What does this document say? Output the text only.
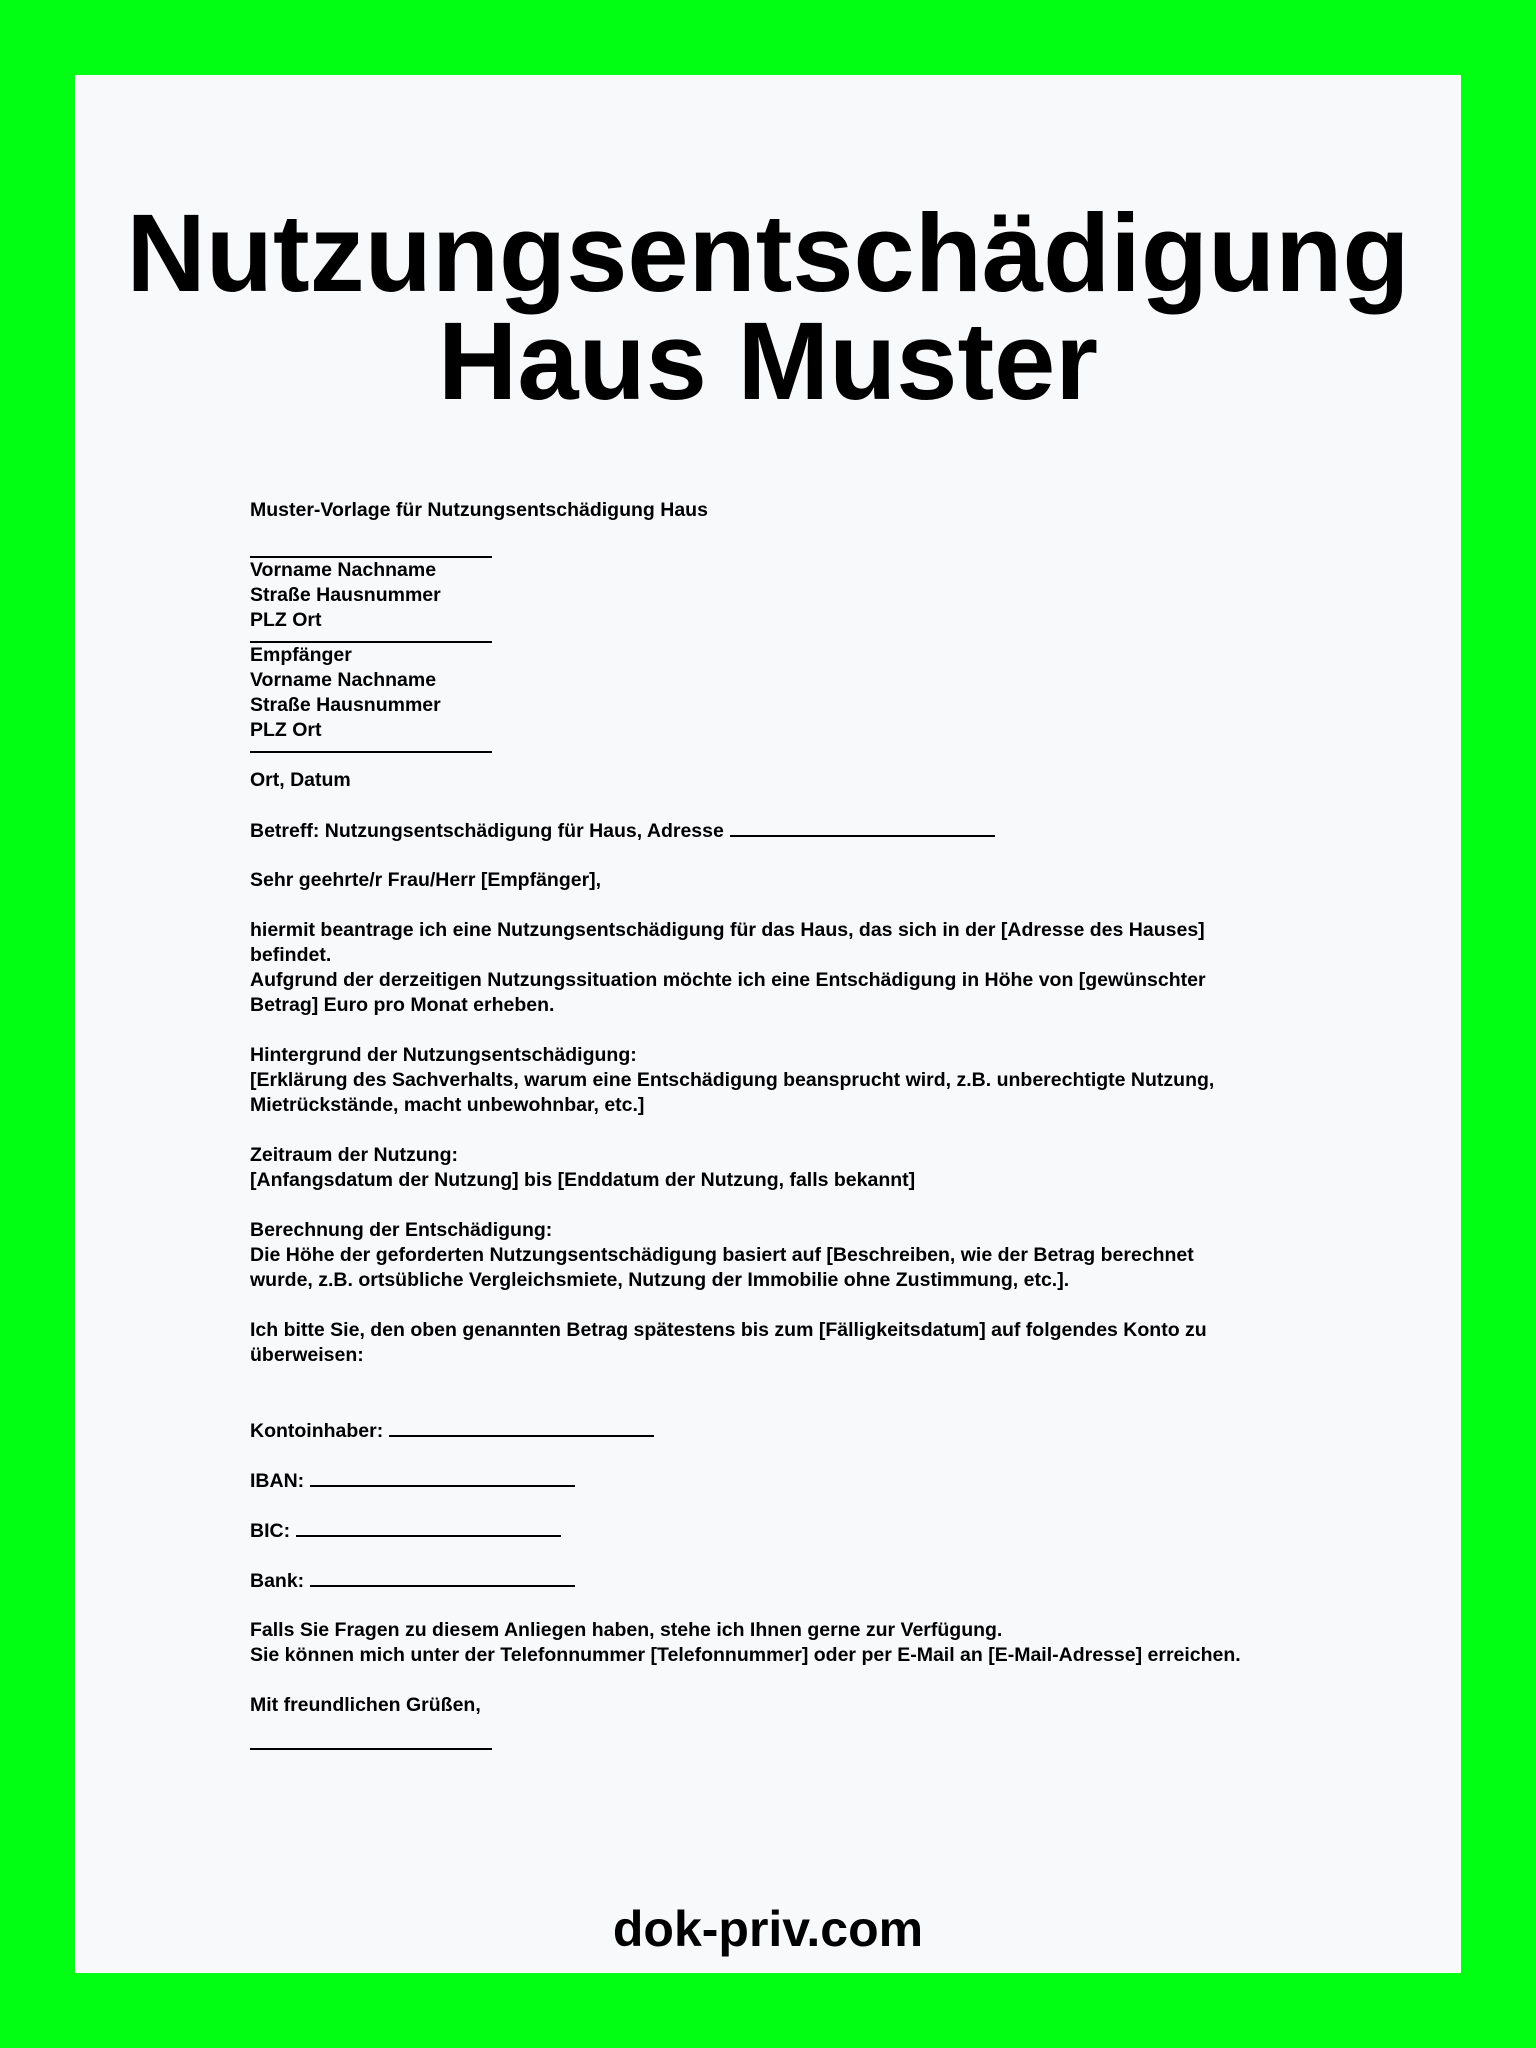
Nutzungsentschädigung
Haus Muster
Muster-Vorlage für Nutzungsentschädigung Haus
Vorname Nachname
Straße Hausnummer
PLZ Ort
Empfänger
Vorname Nachname
Straße Hausnummer
PLZ Ort
Ort, Datum
Betreff: Nutzungsentschädigung für Haus, Adresse
Sehr geehrte/r Frau/Herr [Empfänger],
hiermit beantrage ich eine Nutzungsentschädigung für das Haus, das sich in der [Adresse des Hauses]
befindet.
Aufgrund der derzeitigen Nutzungssituation möchte ich eine Entschädigung in Höhe von [gewünschter
Betrag] Euro pro Monat erheben.
Hintergrund der Nutzungsentschädigung:
[Erklärung des Sachverhalts, warum eine Entschädigung beansprucht wird, z.B. unberechtigte Nutzung,
Mietrückstände, macht unbewohnbar, etc.]
Zeitraum der Nutzung:
[Anfangsdatum der Nutzung] bis [Enddatum der Nutzung, falls bekannt]
Berechnung der Entschädigung:
Die Höhe der geforderten Nutzungsentschädigung basiert auf [Beschreiben, wie der Betrag berechnet
wurde, z.B. ortsübliche Vergleichsmiete, Nutzung der Immobilie ohne Zustimmung, etc.].
Ich bitte Sie, den oben genannten Betrag spätestens bis zum [Fälligkeitsdatum] auf folgendes Konto zu
überweisen:
Kontoinhaber:
IBAN:
BIC:
Bank:
Falls Sie Fragen zu diesem Anliegen haben, stehe ich Ihnen gerne zur Verfügung.
Sie können mich unter der Telefonnummer [Telefonnummer] oder per E-Mail an [E-Mail-Adresse] erreichen.
Mit freundlichen Grüßen,
dok-priv.com
